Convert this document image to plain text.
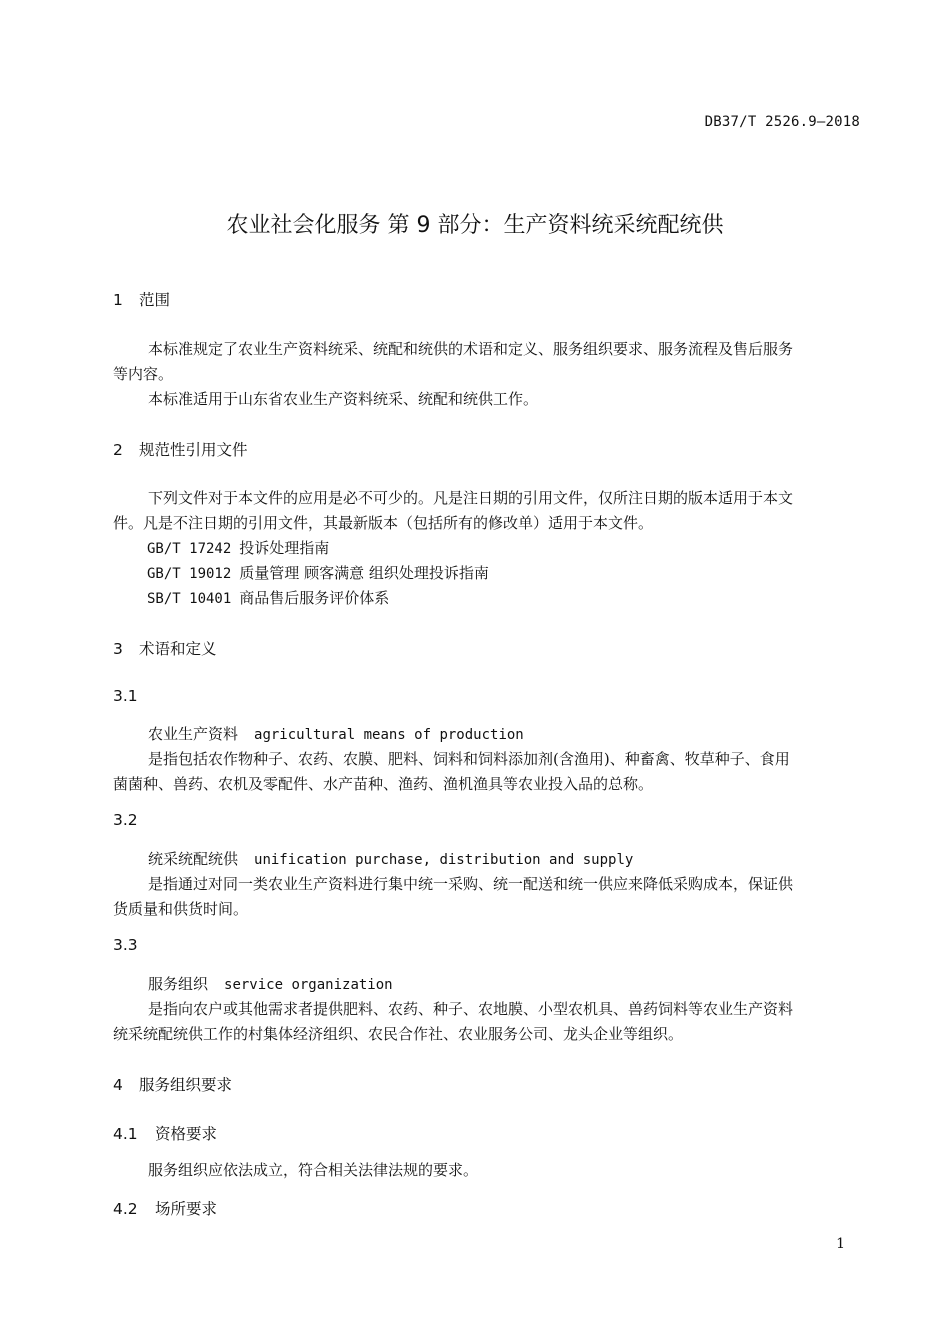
DB37/T 2526.9—2018
农业社会化服务 第 9 部分：生产资料统采统配统供
1 范围
本标准规定了农业生产资料统采、统配和统供的术语和定义、服务组织要求、服务流程及售后服务
等内容。
本标准适用于山东省农业生产资料统采、统配和统供工作。
2 规范性引用文件
下列文件对于本文件的应用是必不可少的。凡是注日期的引用文件，仅所注日期的版本适用于本文
件。凡是不注日期的引用文件，其最新版本（包括所有的修改单）适用于本文件。
GB/T 17242 投诉处理指南
GB/T 19012 质量管理 顾客满意 组织处理投诉指南
SB/T 10401 商品售后服务评价体系
3 术语和定义
3.1
农业生产资料 agricultural means of production
是指包括农作物种子、农药、农膜、肥料、饲料和饲料添加剂(含渔用)、种畜禽、牧草种子、食用
菌菌种、兽药、农机及零配件、水产苗种、渔药、渔机渔具等农业投入品的总称。
3.2
统采统配统供 unification purchase, distribution and supply
是指通过对同一类农业生产资料进行集中统一采购、统一配送和统一供应来降低采购成本，保证供
货质量和供货时间。
3.3
服务组织 service organization
是指向农户或其他需求者提供肥料、农药、种子、农地膜、小型农机具、兽药饲料等农业生产资料
统采统配统供工作的村集体经济组织、农民合作社、农业服务公司、龙头企业等组织。
4 服务组织要求
4.1 资格要求
服务组织应依法成立，符合相关法律法规的要求。
4.2 场所要求
1
